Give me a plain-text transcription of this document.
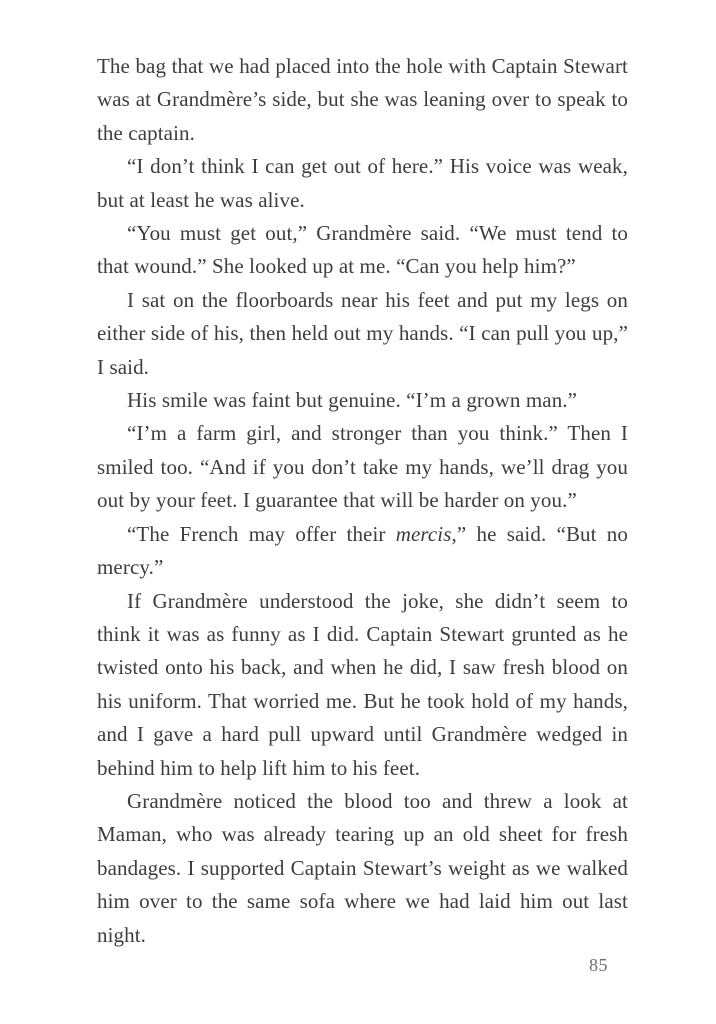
The bag that we had placed into the hole with Captain Stewart was at Grandmère’s side, but she was leaning over to speak to the captain.

“I don’t think I can get out of here.” His voice was weak, but at least he was alive.

“You must get out,” Grandmère said. “We must tend to that wound.” She looked up at me. “Can you help him?”

I sat on the floorboards near his feet and put my legs on either side of his, then held out my hands. “I can pull you up,” I said.

His smile was faint but genuine. “I’m a grown man.”

“I’m a farm girl, and stronger than you think.” Then I smiled too. “And if you don’t take my hands, we’ll drag you out by your feet. I guarantee that will be harder on you.”

“The French may offer their mercis,” he said. “But no mercy.”

If Grandmère understood the joke, she didn’t seem to think it was as funny as I did. Captain Stewart grunted as he twisted onto his back, and when he did, I saw fresh blood on his uniform. That worried me. But he took hold of my hands, and I gave a hard pull upward until Grandmère wedged in behind him to help lift him to his feet.

Grandmère noticed the blood too and threw a look at Maman, who was already tearing up an old sheet for fresh bandages. I supported Captain Stewart’s weight as we walked him over to the same sofa where we had laid him out last night.

85
